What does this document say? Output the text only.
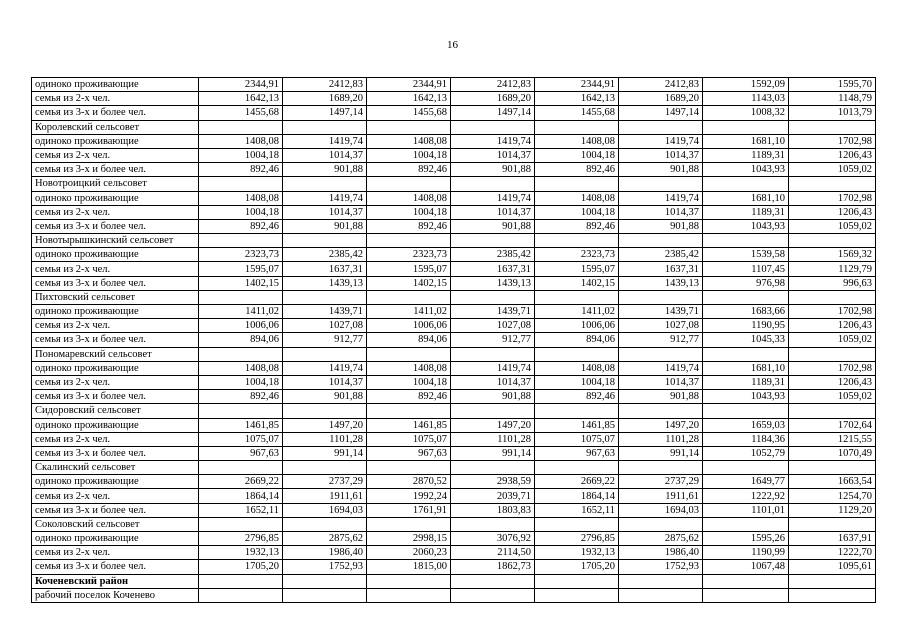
16
одиноко проживающие	2344,91	2412,83	2344,91	2412,83	2344,91	2412,83	1592,09	1595,70
семья из 2-х чел.	1642,13	1689,20	1642,13	1689,20	1642,13	1689,20	1143,03	1148,79
семья из 3-х и более чел.	1455,68	1497,14	1455,68	1497,14	1455,68	1497,14	1008,32	1013,79
Королевский сельсовет								
одиноко проживающие	1408,08	1419,74	1408,08	1419,74	1408,08	1419,74	1681,10	1702,98
семья из 2-х чел.	1004,18	1014,37	1004,18	1014,37	1004,18	1014,37	1189,31	1206,43
семья из 3-х и более чел.	892,46	901,88	892,46	901,88	892,46	901,88	1043,93	1059,02
Новотроицкий сельсовет								
одиноко проживающие	1408,08	1419,74	1408,08	1419,74	1408,08	1419,74	1681,10	1702,98
семья из 2-х чел.	1004,18	1014,37	1004,18	1014,37	1004,18	1014,37	1189,31	1206,43
семья из 3-х и более чел.	892,46	901,88	892,46	901,88	892,46	901,88	1043,93	1059,02
Новотырышкинский сельсовет								
одиноко проживающие	2323,73	2385,42	2323,73	2385,42	2323,73	2385,42	1539,58	1569,32
семья из 2-х чел.	1595,07	1637,31	1595,07	1637,31	1595,07	1637,31	1107,45	1129,79
семья из 3-х и более чел.	1402,15	1439,13	1402,15	1439,13	1402,15	1439,13	976,98	996,63
Пихтовский сельсовет								
одиноко проживающие	1411,02	1439,71	1411,02	1439,71	1411,02	1439,71	1683,66	1702,98
семья из 2-х чел.	1006,06	1027,08	1006,06	1027,08	1006,06	1027,08	1190,95	1206,43
семья из 3-х и более чел.	894,06	912,77	894,06	912,77	894,06	912,77	1045,33	1059,02
Пономаревский сельсовет								
одиноко проживающие	1408,08	1419,74	1408,08	1419,74	1408,08	1419,74	1681,10	1702,98
семья из 2-х чел.	1004,18	1014,37	1004,18	1014,37	1004,18	1014,37	1189,31	1206,43
семья из 3-х и более чел.	892,46	901,88	892,46	901,88	892,46	901,88	1043,93	1059,02
Сидоровский сельсовет								
одиноко проживающие	1461,85	1497,20	1461,85	1497,20	1461,85	1497,20	1659,03	1702,64
семья из 2-х чел.	1075,07	1101,28	1075,07	1101,28	1075,07	1101,28	1184,36	1215,55
семья из 3-х и более чел.	967,63	991,14	967,63	991,14	967,63	991,14	1052,79	1070,49
Скалинский сельсовет								
одиноко проживающие	2669,22	2737,29	2870,52	2938,59	2669,22	2737,29	1649,77	1663,54
семья из 2-х чел.	1864,14	1911,61	1992,24	2039,71	1864,14	1911,61	1222,92	1254,70
семья из 3-х и более чел.	1652,11	1694,03	1761,91	1803,83	1652,11	1694,03	1101,01	1129,20
Соколовский сельсовет								
одиноко проживающие	2796,85	2875,62	2998,15	3076,92	2796,85	2875,62	1595,26	1637,91
семья из 2-х чел.	1932,13	1986,40	2060,23	2114,50	1932,13	1986,40	1190,99	1222,70
семья из 3-х и более чел.	1705,20	1752,93	1815,00	1862,73	1705,20	1752,93	1067,48	1095,61
Коченевский район								
рабочий поселок Коченево								
